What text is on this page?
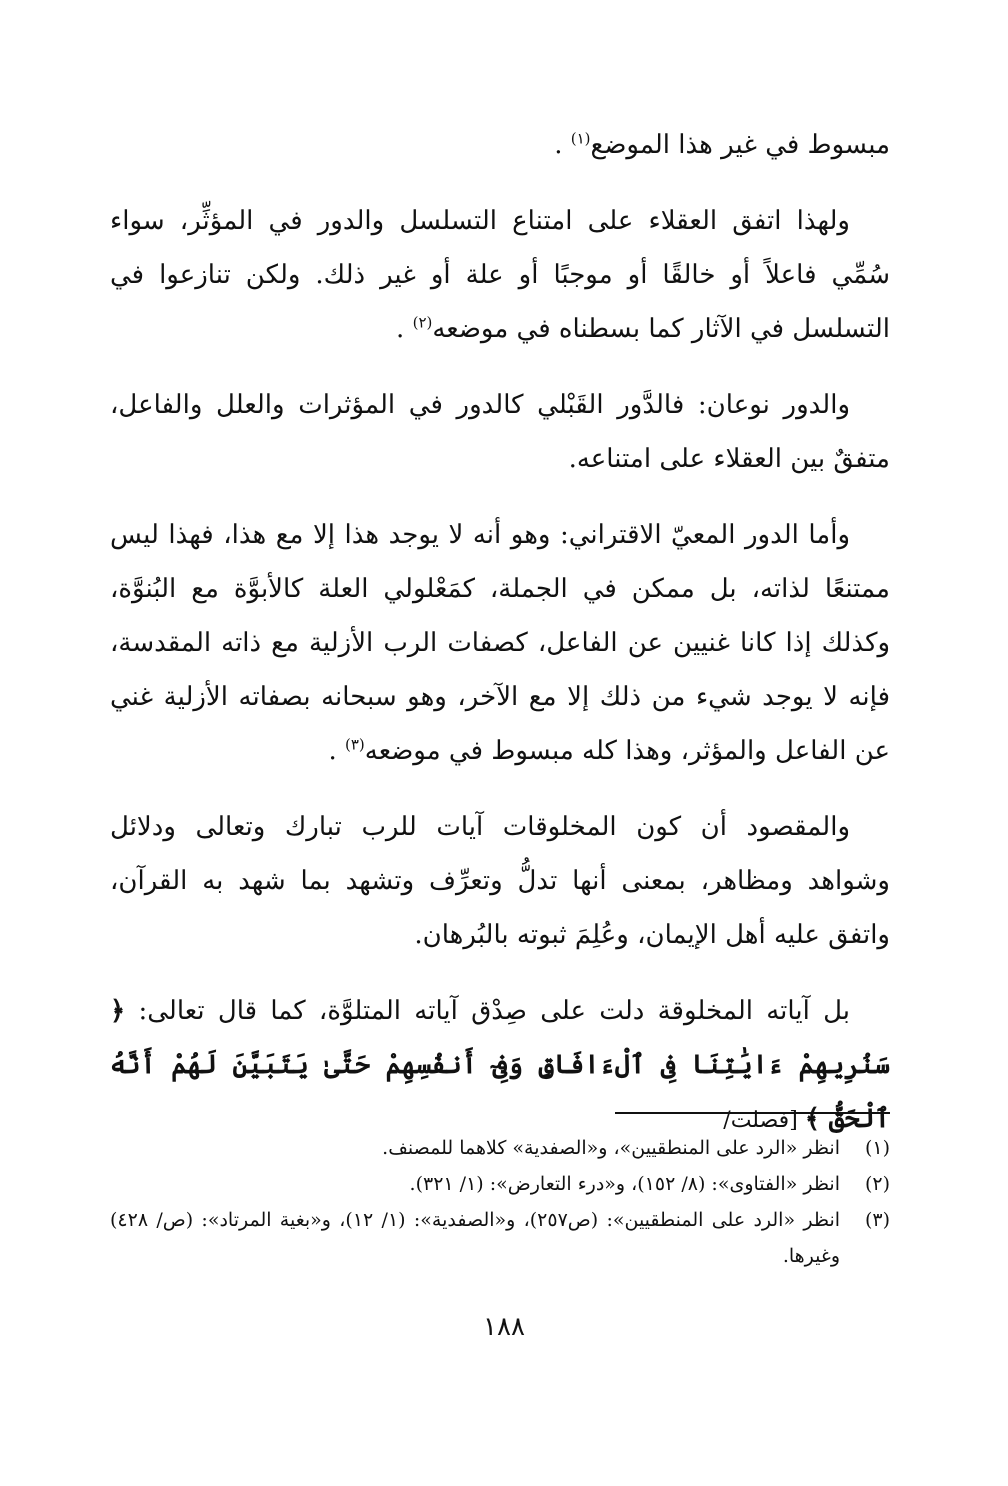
مبسوط في غير هذا الموضع$^{(١)}$ .

ولهذا اتفق العقلاء على امتناع التسلسل والدور في المؤثِّر، سواء سُمِّي فاعلاً أو خالقًا أو موجبًا أو علة أو غير ذلك. ولكن تنازعوا في التسلسل في الآثار كما بسطناه في موضعه$^{(٢)}$ .

والدور نوعان: فالدَّور القَبْلي كالدور في المؤثرات والعلل والفاعل، متفقٌ بين العقلاء على امتناعه.

وأما الدور المعيّ الاقتراني: وهو أنه لا يوجد هذا إلا مع هذا، فهذا ليس ممتنعًا لذاته، بل ممكن في الجملة، كمَعْلولي العلة كالأبوَّة مع البُنوَّة، وكذلك إذا كانا غنيين عن الفاعل، كصفات الرب الأزلية مع ذاته المقدسة، فإنه لا يوجد شيء من ذلك إلا مع الآخر، وهو سبحانه بصفاته الأزلية غني عن الفاعل والمؤثر، وهذا كله مبسوط في موضعه$^{(٣)}$ .

والمقصود أن كون المخلوقات آيات للرب تبارك وتعالى ودلائل وشواهد ومظاهر، بمعنى أنها تدلُّ وتعرِّف وتشهد بما شهد به القرآن، واتفق عليه أهل الإيمان، وعُلِمَ ثبوته بالبُرهان.

بل آياته المخلوقة دلت على صِدْق آياته المتلوَّة، كما قال تعالى: ﴿ سَنُرِيهِمْ ءَايَٰتِنَا فِى ٱلْءَافَاقِ وَفِىٓ أَنفُسِهِمْ حَتَّىٰ يَتَبَيَّنَ لَهُمْ أَنَّهُ ٱلْحَقُّ ﴾ [فصلت/

(١)
انظر «الرد على المنطقيين»، و«الصفدية» كلاهما للمصنف.
(٢)
انظر «الفتاوى»: (٨/ ١٥٢)، و«درء التعارض»: (١/ ٣٢١).
(٣)
انظر «الرد على المنطقيين»: (ص٢٥٧)، و«الصفدية»: (١/ ١٢)، و«بغية المرتاد»: (ص/ ٤٢٨) وغيرها.
١٨٨
